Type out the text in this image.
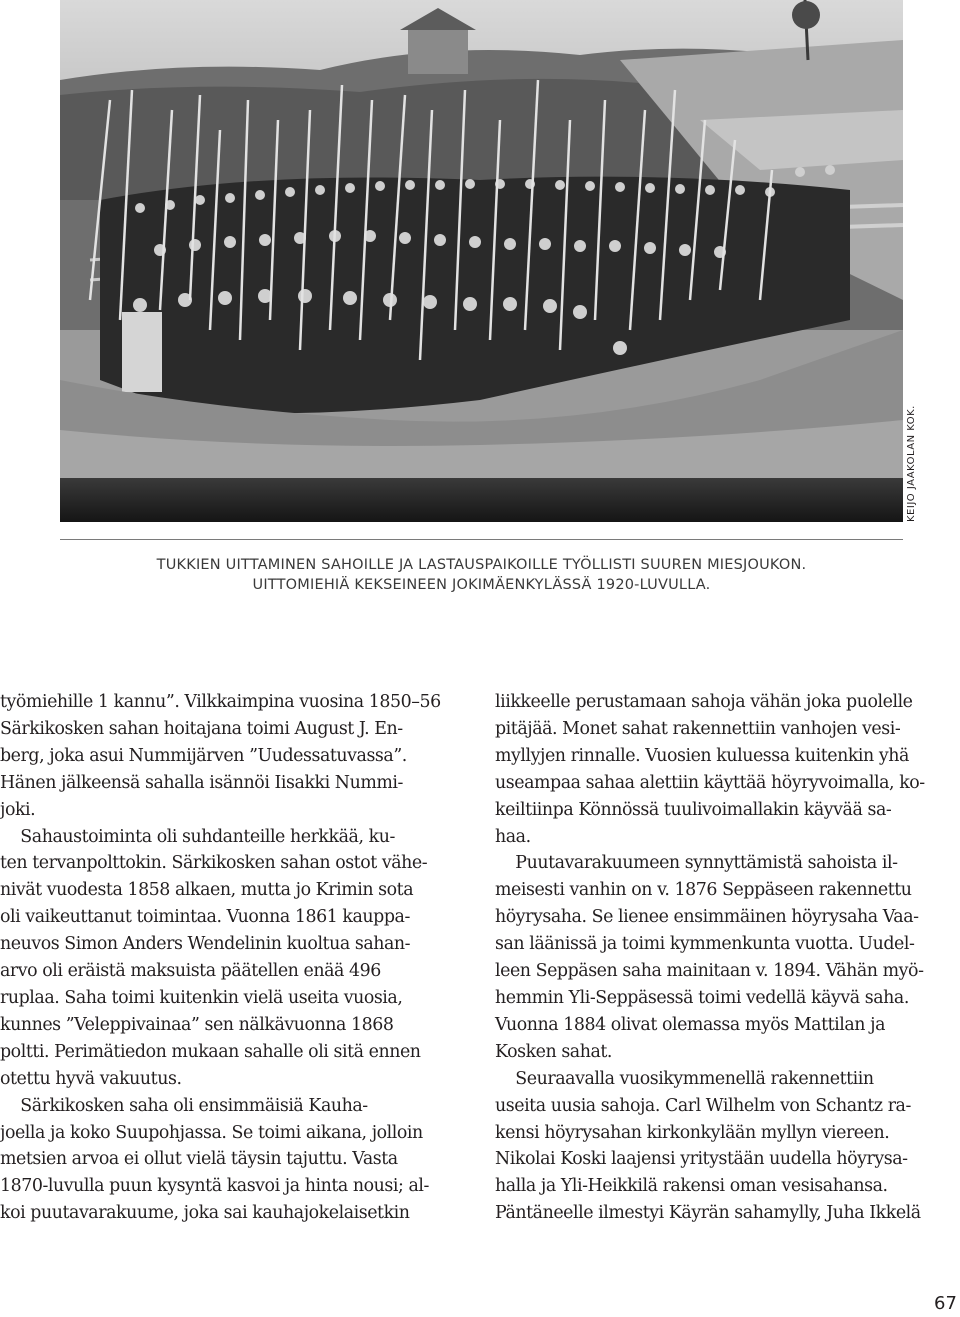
KEIJO JAAKOLAN KOK.
TUKKIEN UITTAMINEN SAHOILLE JA LASTAUSPAIKOILLE TYÖLLISTI SUUREN MIESJOUKON.
UITTOMIEHIÄ KEKSEINEEN JOKIMÄENKYLÄSSÄ 1920-LUVULLA.
työmiehille 1 kannu”. Vilkkaimpina vuosina 1850–56
Särkikosken sahan hoitajana toimi August J. En-
berg, joka asui Nummijärven ”Uudessatuvassa”.
Hänen jälkeensä sahalla isännöi Iisakki Nummi-
joki.
Sahaustoiminta oli suhdanteille herkkää, ku-
ten tervanpolttokin. Särkikosken sahan ostot vähe-
nivät vuodesta 1858 alkaen, mutta jo Krimin sota
oli vaikeuttanut toimintaa. Vuonna 1861 kauppa-
neuvos Simon Anders Wendelinin kuoltua sahan-
arvo oli eräistä maksuista päätellen enää 496
ruplaa. Saha toimi kuitenkin vielä useita vuosia,
kunnes ”Veleppivainaa” sen nälkävuonna 1868
poltti. Perimätiedon mukaan sahalle oli sitä ennen
otettu hyvä vakuutus.
Särkikosken saha oli ensimmäisiä Kauha-
joella ja koko Suupohjassa. Se toimi aikana, jolloin
metsien arvoa ei ollut vielä täysin tajuttu. Vasta
1870-luvulla puun kysyntä kasvoi ja hinta nousi; al-
koi puutavarakuume, joka sai kauhajokelaisetkin
liikkeelle perustamaan sahoja vähän joka puolelle
pitäjää. Monet sahat rakennettiin vanhojen vesi-
myllyjen rinnalle. Vuosien kuluessa kuitenkin yhä
useampaa sahaa alettiin käyttää höyryvoimalla, ko-
keiltiinpa Könnössä tuulivoimallakin käyvää sa-
haa.
Puutavarakuumeen synnyttämistä sahoista il-
meisesti vanhin on v. 1876 Seppäseen rakennettu
höyrysaha. Se lienee ensimmäinen höyrysaha Vaa-
san läänissä ja toimi kymmenkunta vuotta. Uudel-
leen Seppäsen saha mainitaan v. 1894. Vähän myö-
hemmin Yli-Seppäsessä toimi vedellä käyvä saha.
Vuonna 1884 olivat olemassa myös Mattilan ja
Kosken sahat.
Seuraavalla vuosikymmenellä rakennettiin
useita uusia sahoja. Carl Wilhelm von Schantz ra-
kensi höyrysahan kirkonkylään myllyn viereen.
Nikolai Koski laajensi yritystään uudella höyrysa-
halla ja Yli-Heikkilä rakensi oman vesisahansa.
Päntäneelle ilmestyi Käyrän sahamylly, Juha Ikkelä
67
